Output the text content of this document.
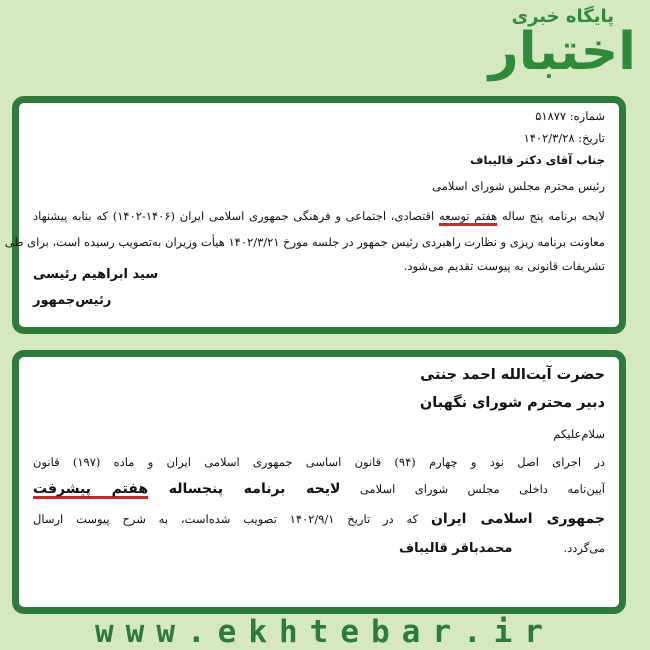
پایگاه خبری
اختبار
شماره: ۵۱۸۷۷
تاریخ: ۱۴۰۲/۳/۲۸
جناب آقای دکتر قالیباف
رئیس محترم مجلس شورای اسلامی
لایحه برنامه پنج ساله هفتم توسعه اقتصادی، اجتماعی و فرهنگی جمهوری اسلامی ایران (۱۴۰۶-۱۴۰۲) که بنابه پیشنهاد
معاونت برنامه ریزی و نظارت راهبردی رئیس جمهور در جلسه مورخ ۱۴۰۲/۳/۲۱ هیأت وزیران به‌تصویب رسیده است، برای طی
تشریفات قانونی به پیوست تقدیم می‌شود.
سید ابراهیم رئیسی
رئیس‌جمهور
حضرت آیت‌الله احمد جنتی
دبیر محترم شورای نگهبان
سلام‌علیکم
در اجرای اصل نود و چهارم (۹۴) قانون اساسی جمهوری اسلامی ایران و ماده (۱۹۷) قانون
آیین‌نامه داخلی مجلس شورای اسلامی لایحه برنامه پنجساله هفتم پیشرفت
جمهوری اسلامی ایران که در تاریخ ۱۴۰۲/۹/۱ تصویب شده‌است، به شرح پیوست ارسال
می‌گردد.
محمدباقر قالیباف
www.ekhtebar.ir
